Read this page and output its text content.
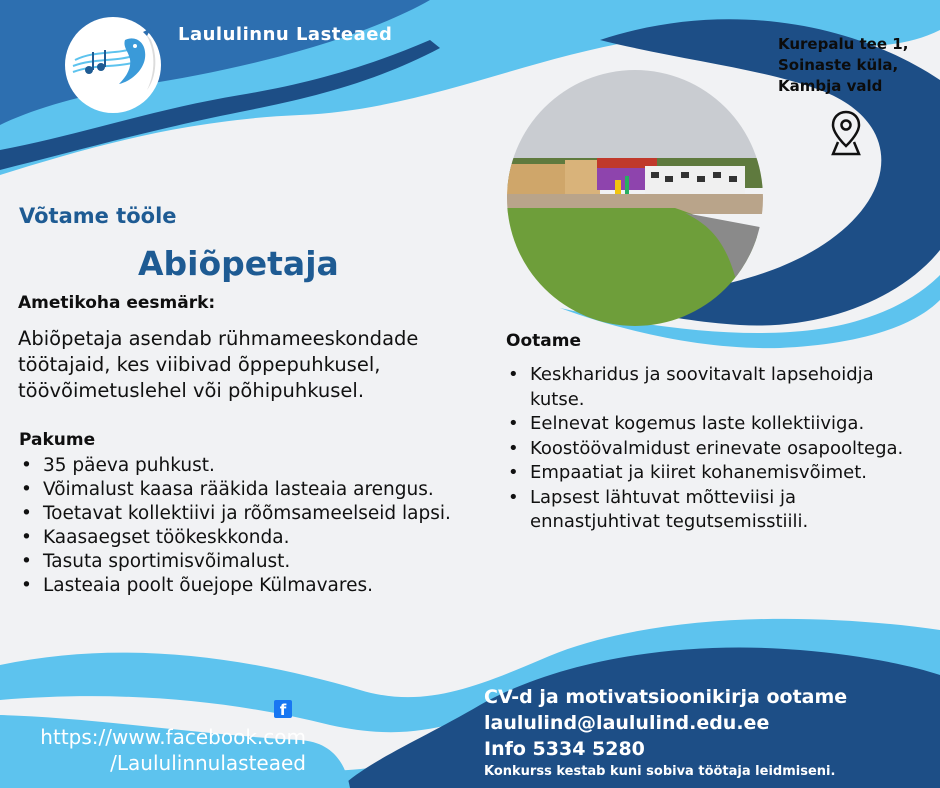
Laululinnu Lasteaed	Kurepalu tee 1,
Soinaste küla,
Kambja vald
Võtame tööle
Abiõpetaja
Ametikoha eesmärk:
Abiõpetaja asendab rühmameeskondade töötajaid, kes viibivad õppepuhkusel, töövõimetuslehel või põhipuhkusel.
Pakume
• 35 päeva puhkust.
• Võimalust kaasa rääkida lasteaia arengus.
• Toetavat kollektiivi ja rõõmsameelseid lapsi.
• Kaasaegset töökeskkonda.
• Tasuta sportimisvõimalust.
• Lasteaia poolt õuejope Külmavares.
Ootame
• Keskharidus ja soovitavalt lapsehoidja kutse.
• Eelnevat kogemus laste kollektiiviga.
• Koostöövalmidust erinevate osapooltega.
• Empaatiat ja kiiret kohanemisvõimet.
• Lapsest lähtuvat mõtteviisi ja ennastjuhtivat tegutsemisstiili.
f
https://www.facebook.com
/Laululinnulasteaed
CV-d ja motivatsioonikirja ootame
laululind@laululind.edu.ee
Info 5334 5280
Konkurss kestab kuni sobiva töötaja leidmiseni.
